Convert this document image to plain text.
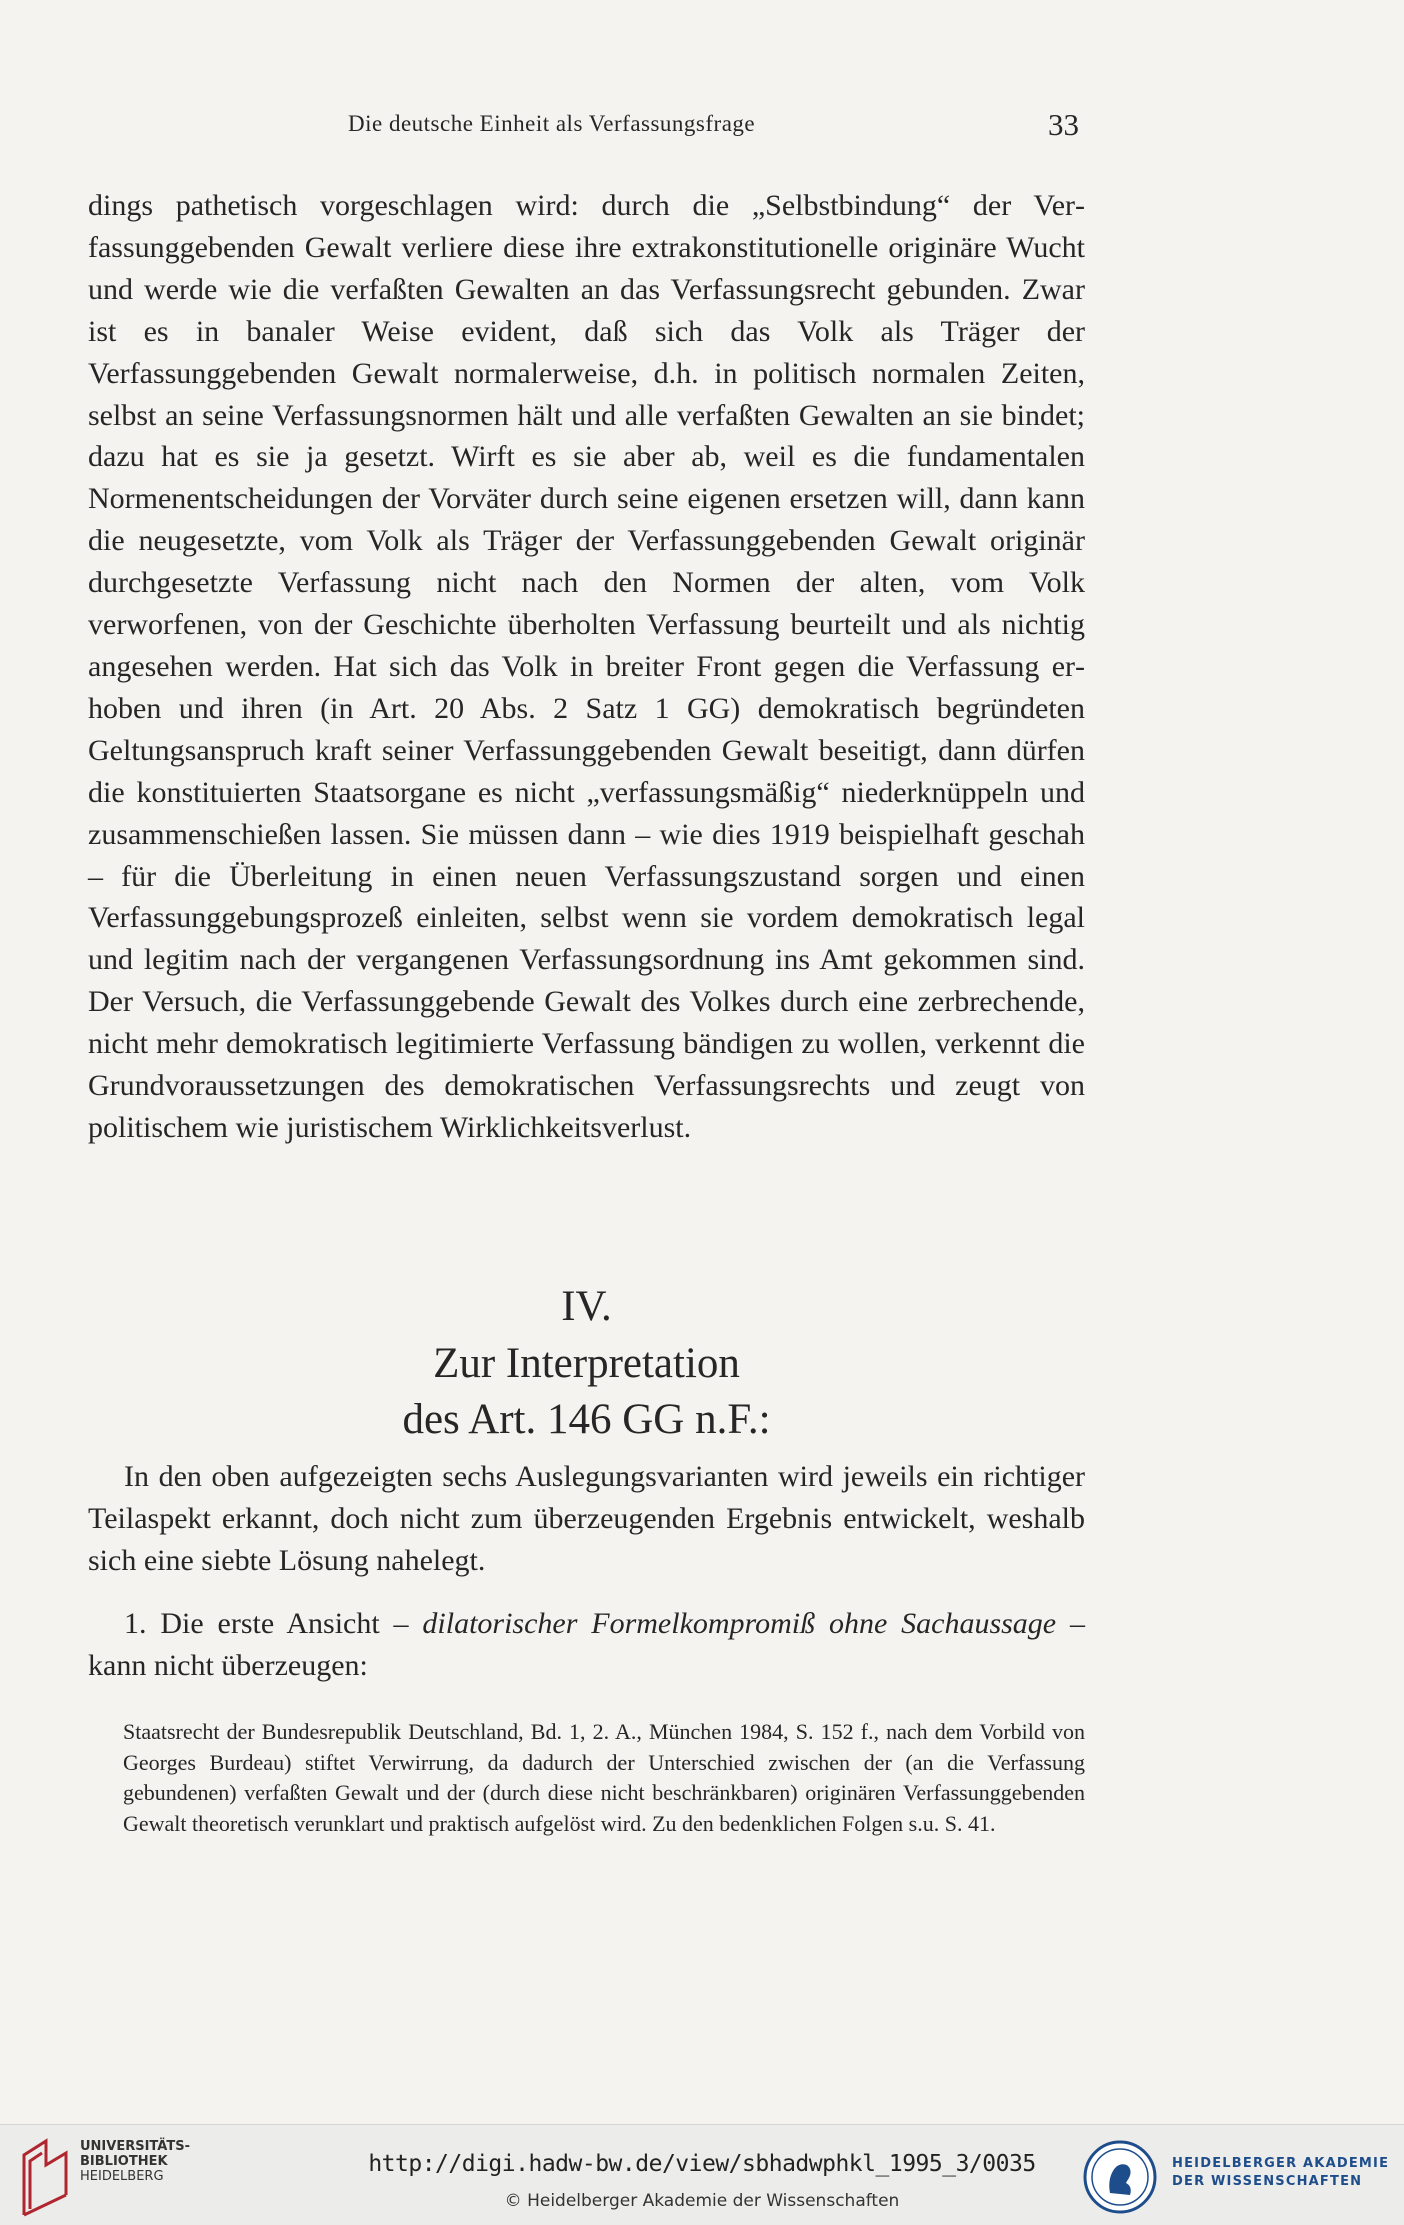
Die deutsche Einheit als Verfassungsfrage	33

dings pathetisch vorgeschlagen wird: durch die „Selbstbindung“ der Verfassunggebenden Gewalt verliere diese ihre extrakonstitutionelle originäre Wucht und werde wie die verfaßten Gewalten an das Verfassungsrecht gebunden. Zwar ist es in banaler Weise evident, daß sich das Volk als Träger der Verfassunggebenden Gewalt normalerweise, d.h. in politisch normalen Zeiten, selbst an seine Verfassungsnormen hält und alle verfaßten Gewalten an sie bindet; dazu hat es sie ja gesetzt. Wirft es sie aber ab, weil es die fundamentalen Normenentscheidungen der Vorväter durch seine eigenen ersetzen will, dann kann die neugesetzte, vom Volk als Träger der Verfassunggebenden Gewalt originär durchgesetzte Verfassung nicht nach den Normen der alten, vom Volk verworfenen, von der Geschichte überholten Verfassung beurteilt und als nichtig angesehen werden. Hat sich das Volk in breiter Front gegen die Verfassung erhoben und ihren (in Art. 20 Abs. 2 Satz 1 GG) demokratisch begründeten Geltungsanspruch kraft seiner Verfassunggebenden Gewalt beseitigt, dann dürfen die konstituierten Staatsorgane es nicht „verfassungsmäßig“ niederknüppeln und zusammenschießen lassen. Sie müssen dann – wie dies 1919 beispielhaft geschah – für die Überleitung in einen neuen Verfassungszustand sorgen und einen Verfassunggebungsprozeß einleiten, selbst wenn sie vordem demokratisch legal und legitim nach der vergangenen Verfassungsordnung ins Amt gekommen sind. Der Versuch, die Verfassunggebende Gewalt des Volkes durch eine zerbrechende, nicht mehr demokratisch legitimierte Verfassung bändigen zu wollen, verkennt die Grundvoraussetzungen des demokratischen Verfassungsrechts und zeugt von politischem wie juristischem Wirklichkeitsverlust.

IV.
Zur Interpretation
des Art. 146 GG n.F.:

In den oben aufgezeigten sechs Auslegungsvarianten wird jeweils ein richtiger Teilaspekt erkannt, doch nicht zum überzeugenden Ergebnis entwickelt, weshalb sich eine siebte Lösung nahelegt.

1. Die erste Ansicht – dilatorischer Formelkompromiß ohne Sachaussage – kann nicht überzeugen:

Staatsrecht der Bundesrepublik Deutschland, Bd. 1, 2. A., München 1984, S. 152 f., nach dem Vorbild von Georges Burdeau) stiftet Verwirrung, da dadurch der Unterschied zwischen der (an die Verfassung gebundenen) verfaßten Gewalt und der (durch diese nicht beschränkbaren) originären Verfassunggebenden Gewalt theoretisch verunklart und praktisch aufgelöst wird. Zu den bedenklichen Folgen s.u. S. 41.

UNIVERSITÄTS-
BIBLIOTHEK
HEIDELBERG	http://digi.hadw-bw.de/view/sbhadwphkl_1995_3/0035
© Heidelberger Akademie der Wissenschaften
HEIDELBERGER AKADEMIE
DER WISSENSCHAFTEN
